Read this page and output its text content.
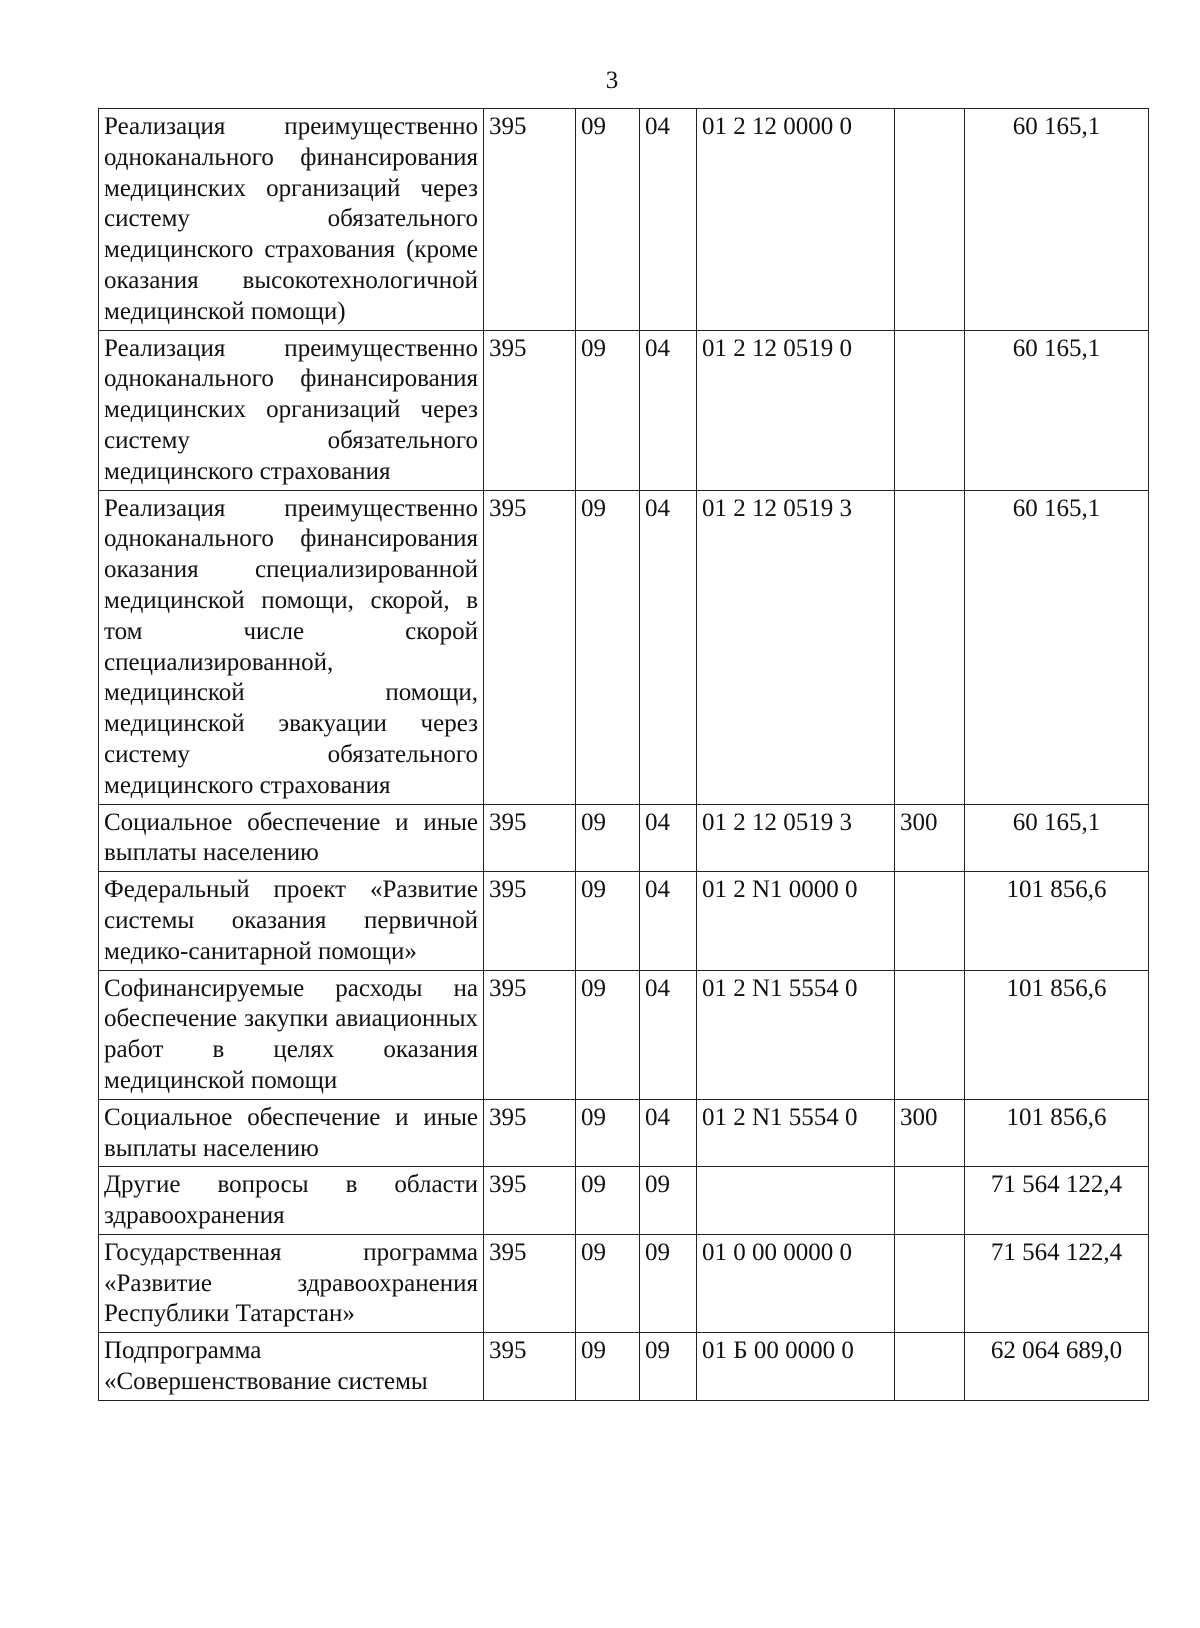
3
Реализация преимущественно одноканального финансирования медицинских организаций через систему обязательного медицинского страхования (кроме оказания высокотехнологичной медицинской помощи)	395	09	04	01 2 12 0000 0		60 165,1
Реализация преимущественно одноканального финансирования медицинских организаций через систему обязательного медицинского страхования	395	09	04	01 2 12 0519 0		60 165,1
Реализация преимущественно одноканального финансирования оказания специализированной медицинской помощи, скорой, в том числе скорой специализированной, медицинской помощи, медицинской эвакуации через систему обязательного медицинского страхования	395	09	04	01 2 12 0519 3		60 165,1
Социальное обеспечение и иные выплаты населению	395	09	04	01 2 12 0519 3	300	60 165,1
Федеральный проект «Развитие системы оказания первичной медико-санитарной помощи»	395	09	04	01 2 N1 0000 0		101 856,6
Софинансируемые расходы на обеспечение закупки авиационных работ в целях оказания медицинской помощи	395	09	04	01 2 N1 5554 0		101 856,6
Социальное обеспечение и иные выплаты населению	395	09	04	01 2 N1 5554 0	300	101 856,6
Другие вопросы в области здравоохранения	395	09	09			71 564 122,4
Государственная программа «Развитие здравоохранения Республики Татарстан»	395	09	09	01 0 00 0000 0		71 564 122,4
Подпрограмма «Совершенствование системы	395	09	09	01 Б 00 0000 0		62 064 689,0
